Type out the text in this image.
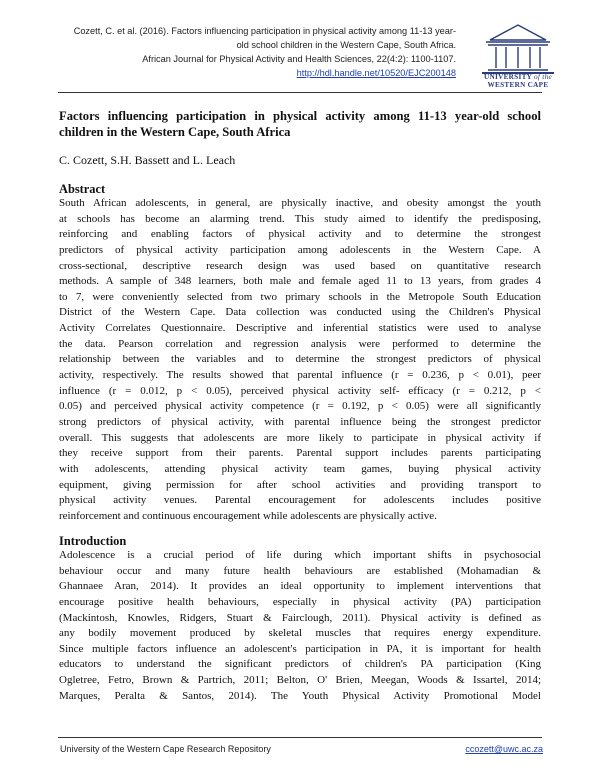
Cozett, C. et al. (2016). Factors influencing participation in physical activity among 11-13 year-
old school children in the Western Cape, South Africa.
African Journal for Physical Activity and Health Sciences, 22(4:2): 1100-1107.
http://hdl.handle.net/10520/EJC200148	UNIVERSITY of the
WESTERN CAPE
Factors influencing participation in physical activity among 11-13 year-old school children in the Western Cape, South Africa
C. Cozett, S.H. Bassett and L. Leach
Abstract
South African adolescents, in general, are physically inactive, and obesity amongst the youth
at schools has become an alarming trend. This study aimed to identify the predisposing,
reinforcing and enabling factors of physical activity and to determine the strongest
predictors of physical activity participation among adolescents in the Western Cape. A
cross-sectional, descriptive research design was used based on quantitative research
methods. A sample of 348 learners, both male and female aged 11 to 13 years, from grades 4
to 7, were conveniently selected from two primary schools in the Metropole South Education
District of the Western Cape. Data collection was conducted using the Children's Physical
Activity Correlates Questionnaire. Descriptive and inferential statistics were used to analyse
the data. Pearson correlation and regression analysis were performed to determine the
relationship between the variables and to determine the strongest predictors of physical
activity, respectively. The results showed that parental influence (r = 0.236, p < 0.01), peer
influence (r = 0.012, p < 0.05), perceived physical activity self- efficacy (r = 0.212, p <
0.05) and perceived physical activity competence (r = 0.192, p < 0.05) were all significantly
strong predictors of physical activity, with parental influence being the strongest predictor
overall. This suggests that adolescents are more likely to participate in physical activity if
they receive support from their parents. Parental support includes parents participating
with adolescents, attending physical activity team games, buying physical activity
equipment, giving permission for after school activities and providing transport to
physical activity venues. Parental encouragement for adolescents includes positive
reinforcement and continuous encouragement while adolescents are physically active.
Introduction
Adolescence is a crucial period of life during which important shifts in psychosocial
behaviour occur and many future health behaviours are established (Mohamadian &
Ghannaee Aran, 2014). It provides an ideal opportunity to implement interventions that
encourage positive health behaviours, especially in physical activity (PA) participation
(Mackintosh, Knowles, Ridgers, Stuart & Fairclough, 2011). Physical activity is defined as
any bodily movement produced by skeletal muscles that requires energy expenditure.
Since multiple factors influence an adolescent's participation in PA, it is important for health
educators to understand the significant predictors of children's PA participation (King
Ogletree, Fetro, Brown & Partrich, 2011; Belton, O' Brien, Meegan, Woods & Issartel, 2014;
Marques, Peralta & Santos, 2014). The Youth Physical Activity Promotional Model
University of the Western Cape Research Repository	ccozett@uwc.ac.za
